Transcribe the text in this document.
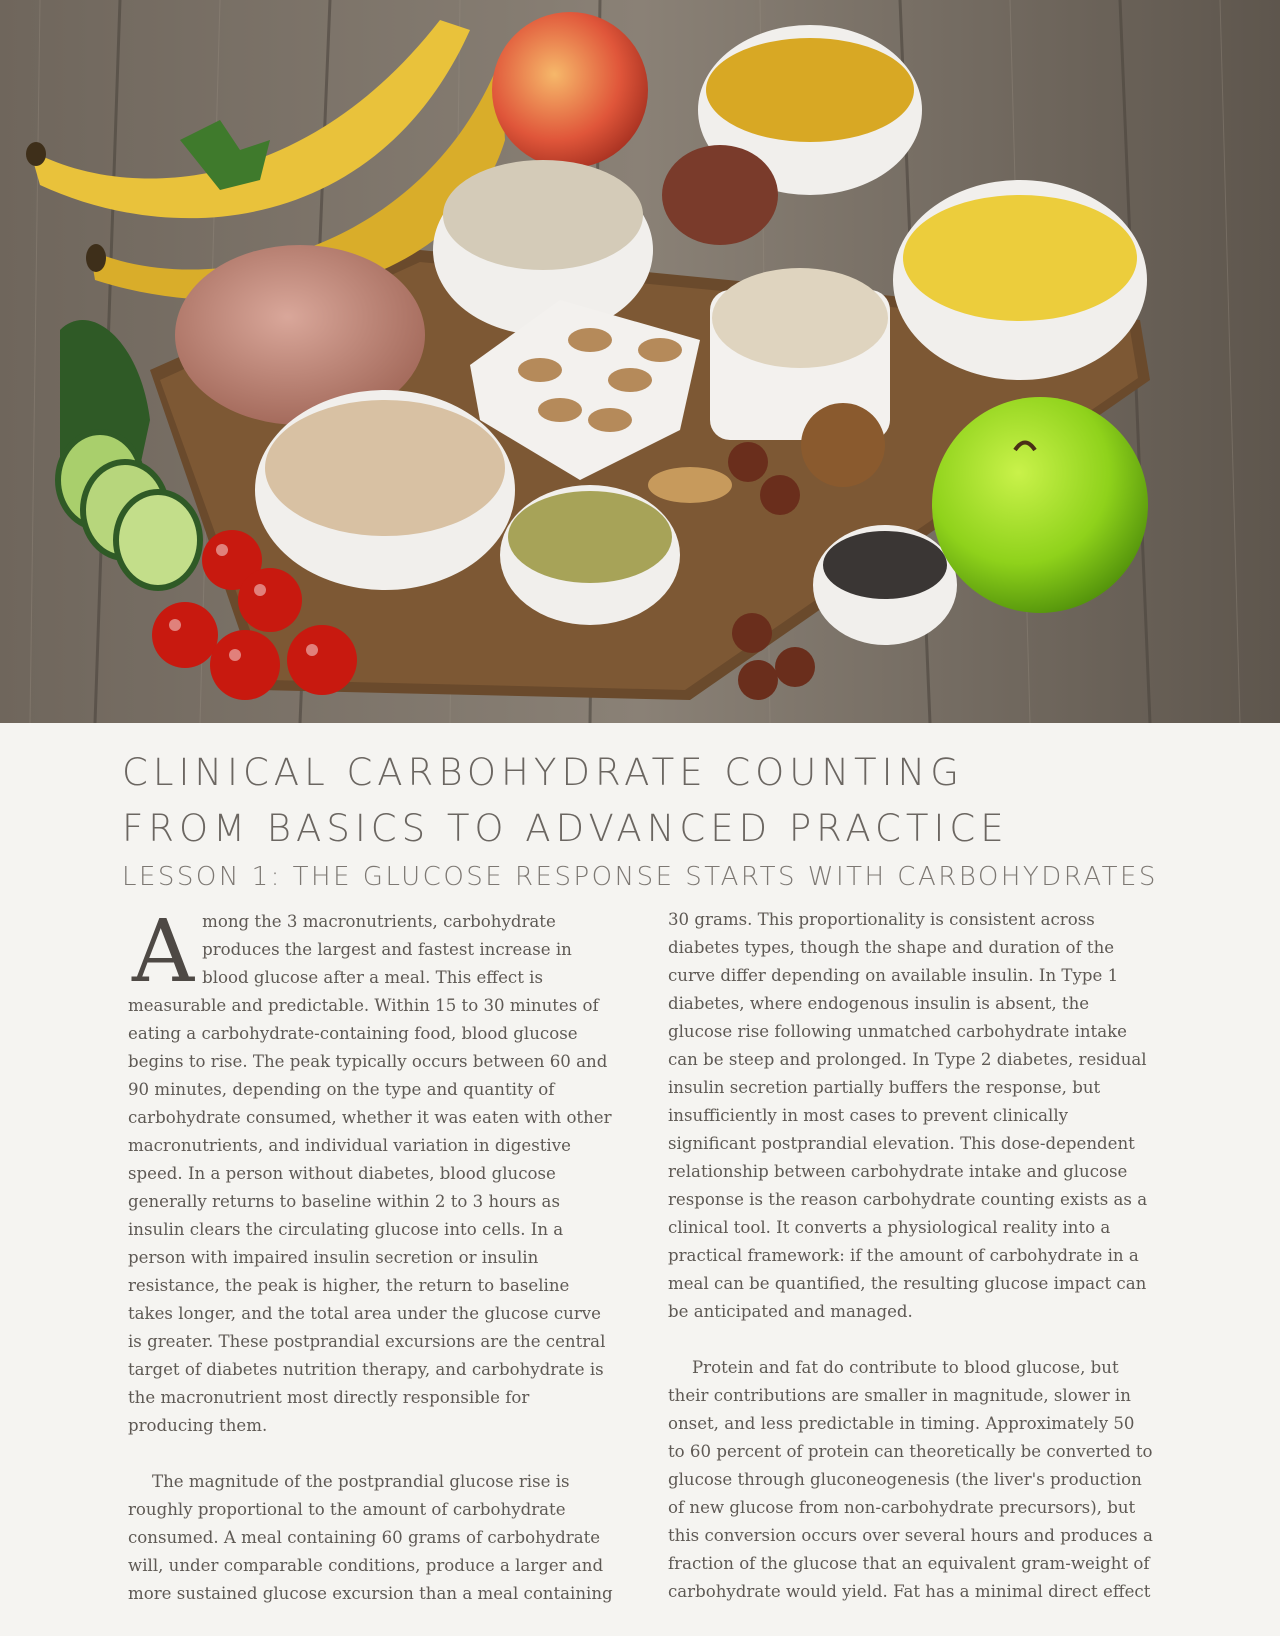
CLINICAL CARBOHYDRATE COUNTING
FROM BASICS TO ADVANCED PRACTICE
LESSON 1: THE GLUCOSE RESPONSE STARTS WITH CARBOHYDRATES

Among the 3 macronutrients, carbohydrate produces the largest and fastest increase in blood glucose after a meal. This effect is measurable and predictable. Within 15 to 30 minutes of eating a carbohydrate-containing food, blood glucose begins to rise. The peak typically occurs between 60 and 90 minutes, depending on the type and quantity of carbohydrate consumed, whether it was eaten with other macronutrients, and individual variation in digestive speed. In a person without diabetes, blood glucose generally returns to baseline within 2 to 3 hours as insulin clears the circulating glucose into cells. In a person with impaired insulin secretion or insulin resistance, the peak is higher, the return to baseline takes longer, and the total area under the glucose curve is greater. These postprandial excursions are the central target of diabetes nutrition therapy, and carbohydrate is the macronutrient most directly responsible for producing them.

The magnitude of the postprandial glucose rise is roughly proportional to the amount of carbohydrate consumed. A meal containing 60 grams of carbohydrate will, under comparable conditions, produce a larger and more sustained glucose excursion than a meal containing

30 grams. This proportionality is consistent across diabetes types, though the shape and duration of the curve differ depending on available insulin. In Type 1 diabetes, where endogenous insulin is absent, the glucose rise following unmatched carbohydrate intake can be steep and prolonged. In Type 2 diabetes, residual insulin secretion partially buffers the response, but insufficiently in most cases to prevent clinically significant postprandial elevation. This dose-dependent relationship between carbohydrate intake and glucose response is the reason carbohydrate counting exists as a clinical tool. It converts a physiological reality into a practical framework: if the amount of carbohydrate in a meal can be quantified, the resulting glucose impact can be anticipated and managed.

Protein and fat do contribute to blood glucose, but their contributions are smaller in magnitude, slower in onset, and less predictable in timing. Approximately 50 to 60 percent of protein can theoretically be converted to glucose through gluconeogenesis (the liver's production of new glucose from non-carbohydrate precursors), but this conversion occurs over several hours and produces a fraction of the glucose that an equivalent gram-weight of carbohydrate would yield. Fat has a minimal direct effect
